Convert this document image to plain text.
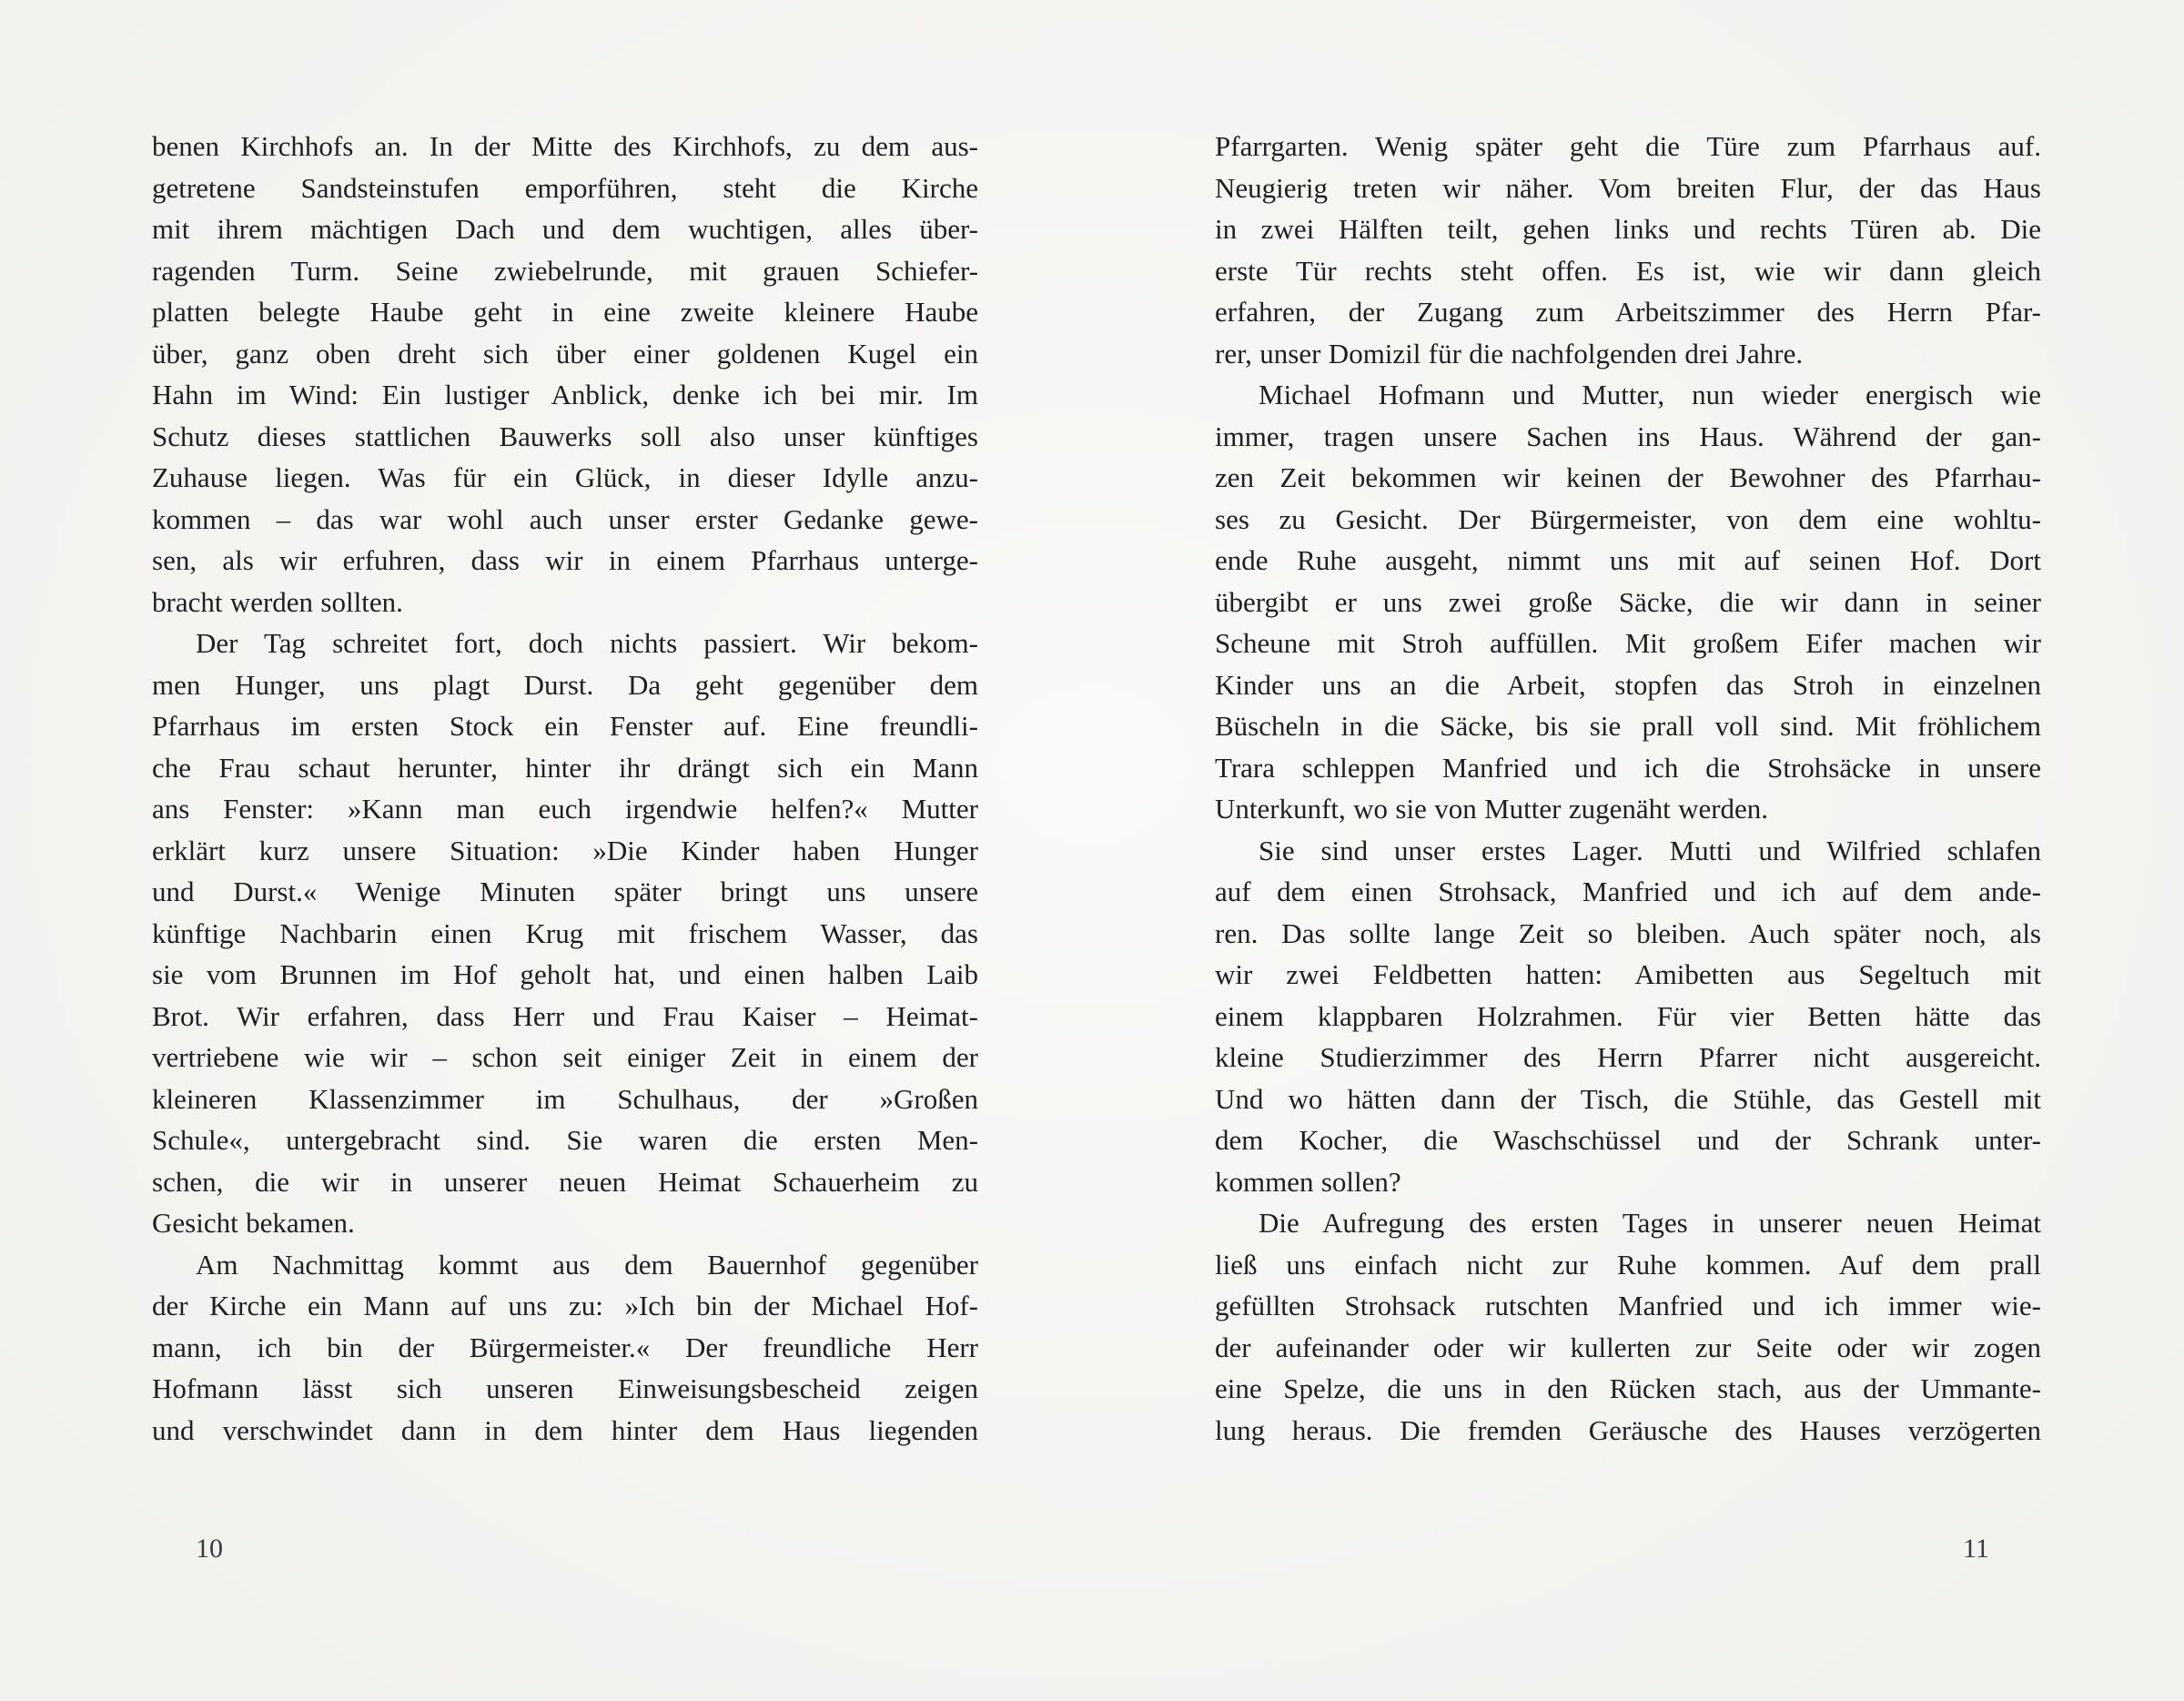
benen Kirchhofs an. In der Mitte des Kirchhofs, zu dem aus-
getretene Sandsteinstufen emporführen, steht die Kirche
mit ihrem mächtigen Dach und dem wuchtigen, alles über-
ragenden Turm. Seine zwiebelrunde, mit grauen Schiefer-
platten belegte Haube geht in eine zweite kleinere Haube
über, ganz oben dreht sich über einer goldenen Kugel ein
Hahn im Wind: Ein lustiger Anblick, denke ich bei mir. Im
Schutz dieses stattlichen Bauwerks soll also unser künftiges
Zuhause liegen. Was für ein Glück, in dieser Idylle anzu-
kommen – das war wohl auch unser erster Gedanke gewe-
sen, als wir erfuhren, dass wir in einem Pfarrhaus unterge-
bracht werden sollten.
Der Tag schreitet fort, doch nichts passiert. Wir bekom-
men Hunger, uns plagt Durst. Da geht gegenüber dem
Pfarrhaus im ersten Stock ein Fenster auf. Eine freundli-
che Frau schaut herunter, hinter ihr drängt sich ein Mann
ans Fenster: »Kann man euch irgendwie helfen?« Mutter
erklärt kurz unsere Situation: »Die Kinder haben Hunger
und Durst.« Wenige Minuten später bringt uns unsere
künftige Nachbarin einen Krug mit frischem Wasser, das
sie vom Brunnen im Hof geholt hat, und einen halben Laib
Brot. Wir erfahren, dass Herr und Frau Kaiser – Heimat-
vertriebene wie wir – schon seit einiger Zeit in einem der
kleineren Klassenzimmer im Schulhaus, der »Großen
Schule«, untergebracht sind. Sie waren die ersten Men-
schen, die wir in unserer neuen Heimat Schauerheim zu
Gesicht bekamen.
Am Nachmittag kommt aus dem Bauernhof gegenüber
der Kirche ein Mann auf uns zu: »Ich bin der Michael Hof-
mann, ich bin der Bürgermeister.« Der freundliche Herr
Hofmann lässt sich unseren Einweisungsbescheid zeigen
und verschwindet dann in dem hinter dem Haus liegenden
10
Pfarrgarten. Wenig später geht die Türe zum Pfarrhaus auf.
Neugierig treten wir näher. Vom breiten Flur, der das Haus
in zwei Hälften teilt, gehen links und rechts Türen ab. Die
erste Tür rechts steht offen. Es ist, wie wir dann gleich
erfahren, der Zugang zum Arbeitszimmer des Herrn Pfar-
rer, unser Domizil für die nachfolgenden drei Jahre.
Michael Hofmann und Mutter, nun wieder energisch wie
immer, tragen unsere Sachen ins Haus. Während der gan-
zen Zeit bekommen wir keinen der Bewohner des Pfarrhau-
ses zu Gesicht. Der Bürgermeister, von dem eine wohltu-
ende Ruhe ausgeht, nimmt uns mit auf seinen Hof. Dort
übergibt er uns zwei große Säcke, die wir dann in seiner
Scheune mit Stroh auffüllen. Mit großem Eifer machen wir
Kinder uns an die Arbeit, stopfen das Stroh in einzelnen
Büscheln in die Säcke, bis sie prall voll sind. Mit fröhlichem
Trara schleppen Manfried und ich die Strohsäcke in unsere
Unterkunft, wo sie von Mutter zugenäht werden.
Sie sind unser erstes Lager. Mutti und Wilfried schlafen
auf dem einen Strohsack, Manfried und ich auf dem ande-
ren. Das sollte lange Zeit so bleiben. Auch später noch, als
wir zwei Feldbetten hatten: Amibetten aus Segeltuch mit
einem klappbaren Holzrahmen. Für vier Betten hätte das
kleine Studierzimmer des Herrn Pfarrer nicht ausgereicht.
Und wo hätten dann der Tisch, die Stühle, das Gestell mit
dem Kocher, die Waschschüssel und der Schrank unter-
kommen sollen?
Die Aufregung des ersten Tages in unserer neuen Heimat
ließ uns einfach nicht zur Ruhe kommen. Auf dem prall
gefüllten Strohsack rutschten Manfried und ich immer wie-
der aufeinander oder wir kullerten zur Seite oder wir zogen
eine Spelze, die uns in den Rücken stach, aus der Ummante-
lung heraus. Die fremden Geräusche des Hauses verzögerten
11
